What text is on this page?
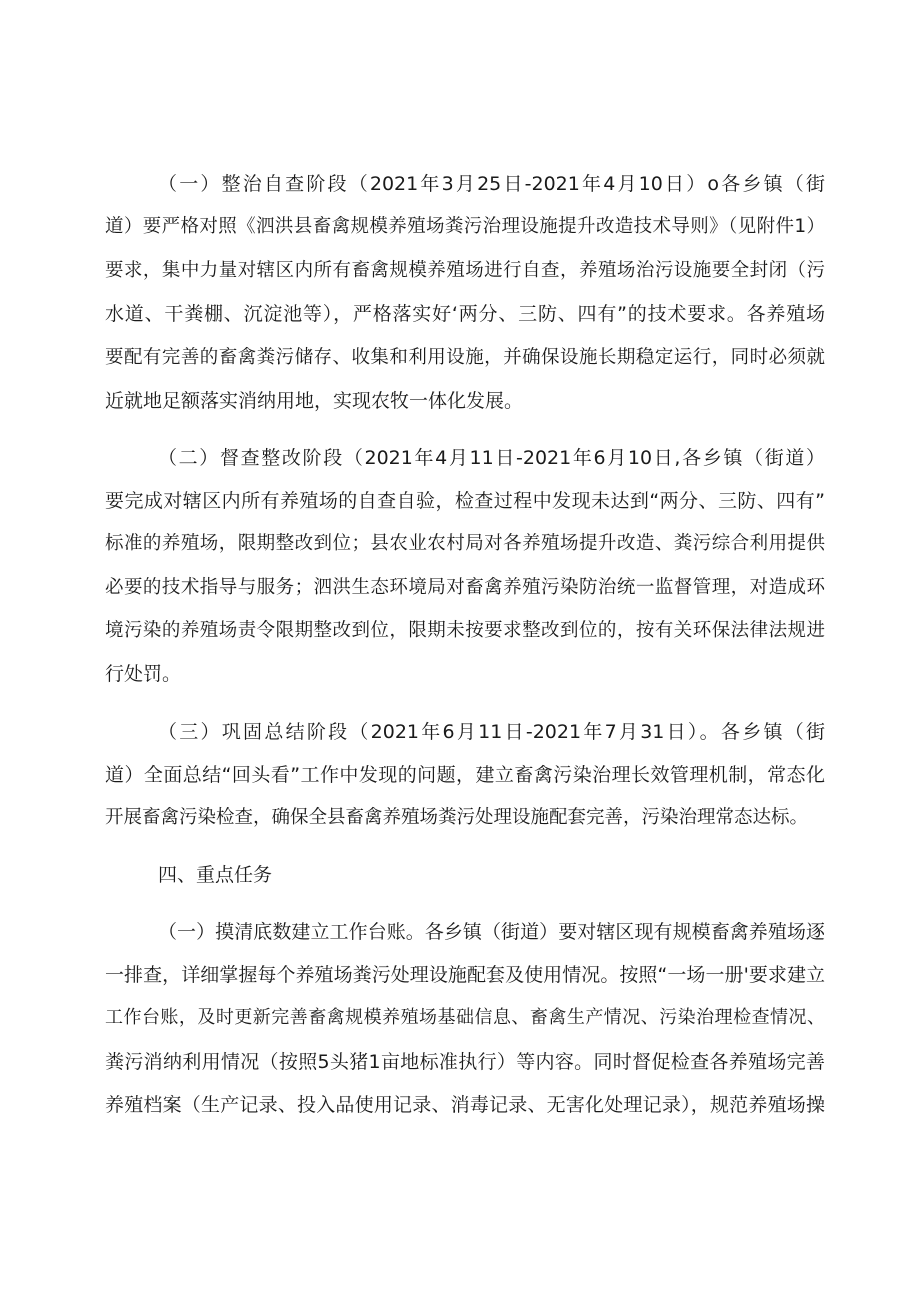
（一）整治自查阶段（2021年3月25日-2021年4月10日）o各乡镇（街
道）要严格对照《泗洪县畜禽规模养殖场粪污治理设施提升改造技术导则》（见附件1）
要求，集中力量对辖区内所有畜禽规模养殖场进行自查，养殖场治污设施要全封闭（污
水道、干粪棚、沉淀池等），严格落实好‘两分、三防、四有”的技术要求。各养殖场
要配有完善的畜禽粪污储存、收集和利用设施，并确保设施长期稳定运行，同时必须就
近就地足额落实消纳用地，实现农牧一体化发展。
（二）督查整改阶段（2021年4月11日-2021年6月10日,各乡镇（街道）
要完成对辖区内所有养殖场的自查自验，检查过程中发现未达到“两分、三防、四有”
标准的养殖场，限期整改到位；县农业农村局对各养殖场提升改造、粪污综合利用提供
必要的技术指导与服务；泗洪生态环境局对畜禽养殖污染防治统一监督管理，对造成环
境污染的养殖场责令限期整改到位，限期未按要求整改到位的，按有关环保法律法规进
行处罚。
（三）巩固总结阶段（2021年6月11日-2021年7月31日）。各乡镇（街
道）全面总结“回头看”工作中发现的问题，建立畜禽污染治理长效管理机制，常态化
开展畜禽污染检查，确保全县畜禽养殖场粪污处理设施配套完善，污染治理常态达标。
四、重点任务
（一）摸清底数建立工作台账。各乡镇（街道）要对辖区现有规模畜禽养殖场逐
一排查，详细掌握每个养殖场粪污处理设施配套及使用情况。按照“一场一册'要求建立
工作台账，及时更新完善畜禽规模养殖场基础信息、畜禽生产情况、污染治理检查情况、
粪污消纳利用情况（按照5头猪1亩地标准执行）等内容。同时督促检查各养殖场完善
养殖档案（生产记录、投入品使用记录、消毒记录、无害化处理记录），规范养殖场操
